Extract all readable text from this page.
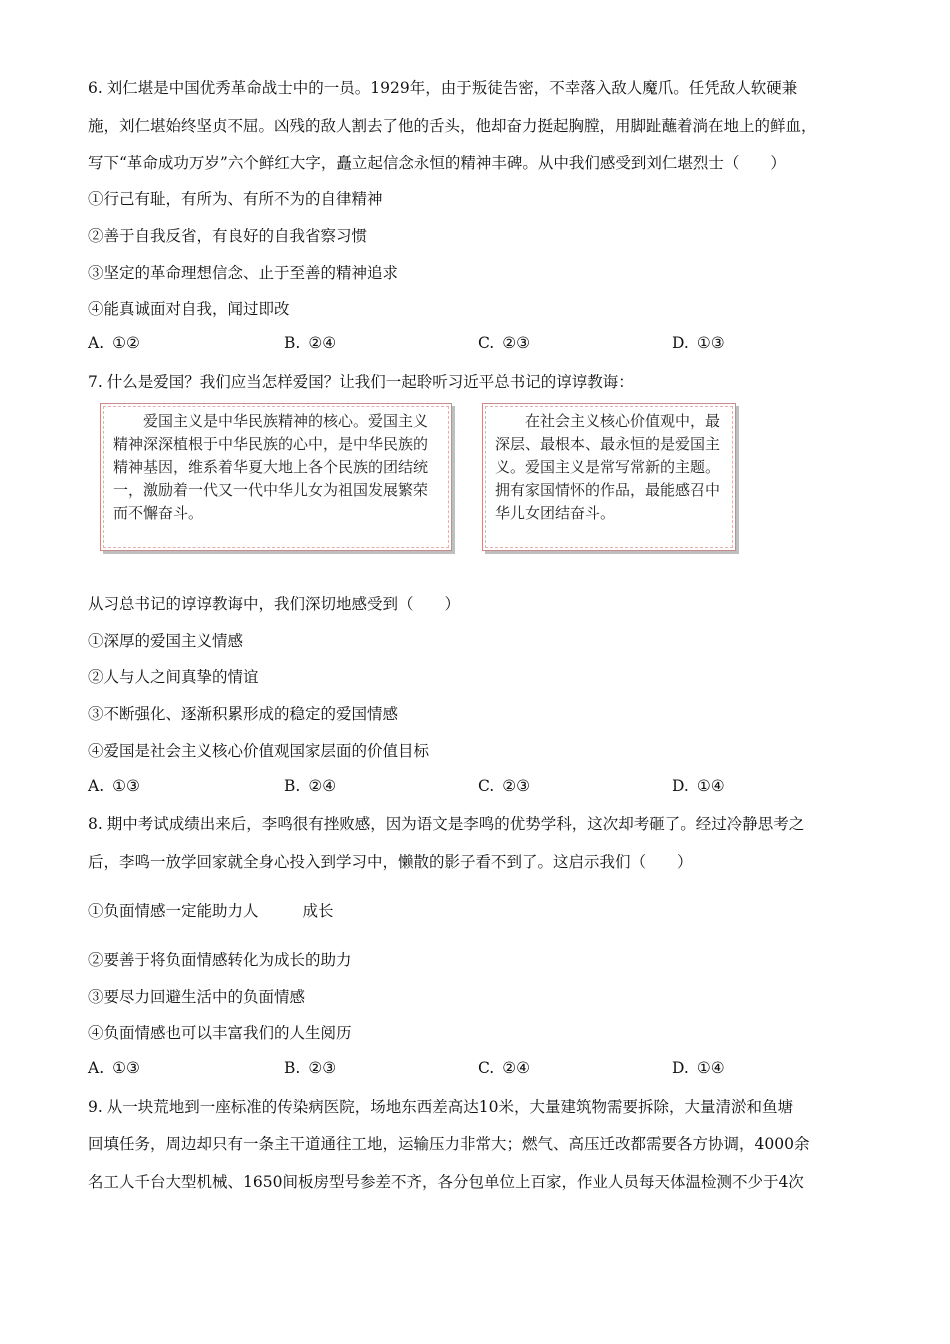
6. 刘仁堪是中国优秀革命战士中的一员。1929年，由于叛徒告密，不幸落入敌人魔爪。任凭敌人软硬兼
施，刘仁堪始终坚贞不屈。凶残的敌人割去了他的舌头，他却奋力挺起胸膛，用脚趾蘸着淌在地上的鲜血，
写下“革命成功万岁”六个鲜红大字，矗立起信念永恒的精神丰碑。从中我们感受到刘仁堪烈士（　　）
①行己有耻，有所为、有所不为的自律精神
②善于自我反省，有良好的自我省察习惯
③坚定的革命理想信念、止于至善的精神追求
④能真诚面对自我，闻过即改
A. ①②	B. ②④	C. ②③	D. ①③
7. 什么是爱国？我们应当怎样爱国？让我们一起聆听习近平总书记的谆谆教诲：
爱国主义是中华民族精神的核心。爱国主义精神深深植根于中华民族的心中，是中华民族的精神基因，维系着华夏大地上各个民族的团结统一，激励着一代又一代中华儿女为祖国发展繁荣而不懈奋斗。
在社会主义核心价值观中，最深层、最根本、最永恒的是爱国主义。爱国主义是常写常新的主题。拥有家国情怀的作品，最能感召中华儿女团结奋斗。
从习总书记的谆谆教诲中，我们深切地感受到（　　）
①深厚的爱国主义情感
②人与人之间真挚的情谊
③不断强化、逐渐积累形成的稳定的爱国情感
④爱国是社会主义核心价值观国家层面的价值目标
A. ①③	B. ②④	C. ②③	D. ①④
8. 期中考试成绩出来后，李鸣很有挫败感，因为语文是李鸣的优势学科，这次却考砸了。经过冷静思考之
后，李鸣一放学回家就全身心投入到学习中，懒散的影子看不到了。这启示我们（　　）
①负面情感一定能助力人	成长
②要善于将负面情感转化为成长的助力
③要尽力回避生活中的负面情感
④负面情感也可以丰富我们的人生阅历
A. ①③	B. ②③	C. ②④	D. ①④
9. 从一块荒地到一座标准的传染病医院，场地东西差高达10米，大量建筑物需要拆除，大量清淤和鱼塘
回填任务，周边却只有一条主干道通往工地，运输压力非常大；燃气、高压迁改都需要各方协调，4000余
名工人千台大型机械、1650间板房型号参差不齐，各分包单位上百家，作业人员每天体温检测不少于4次
